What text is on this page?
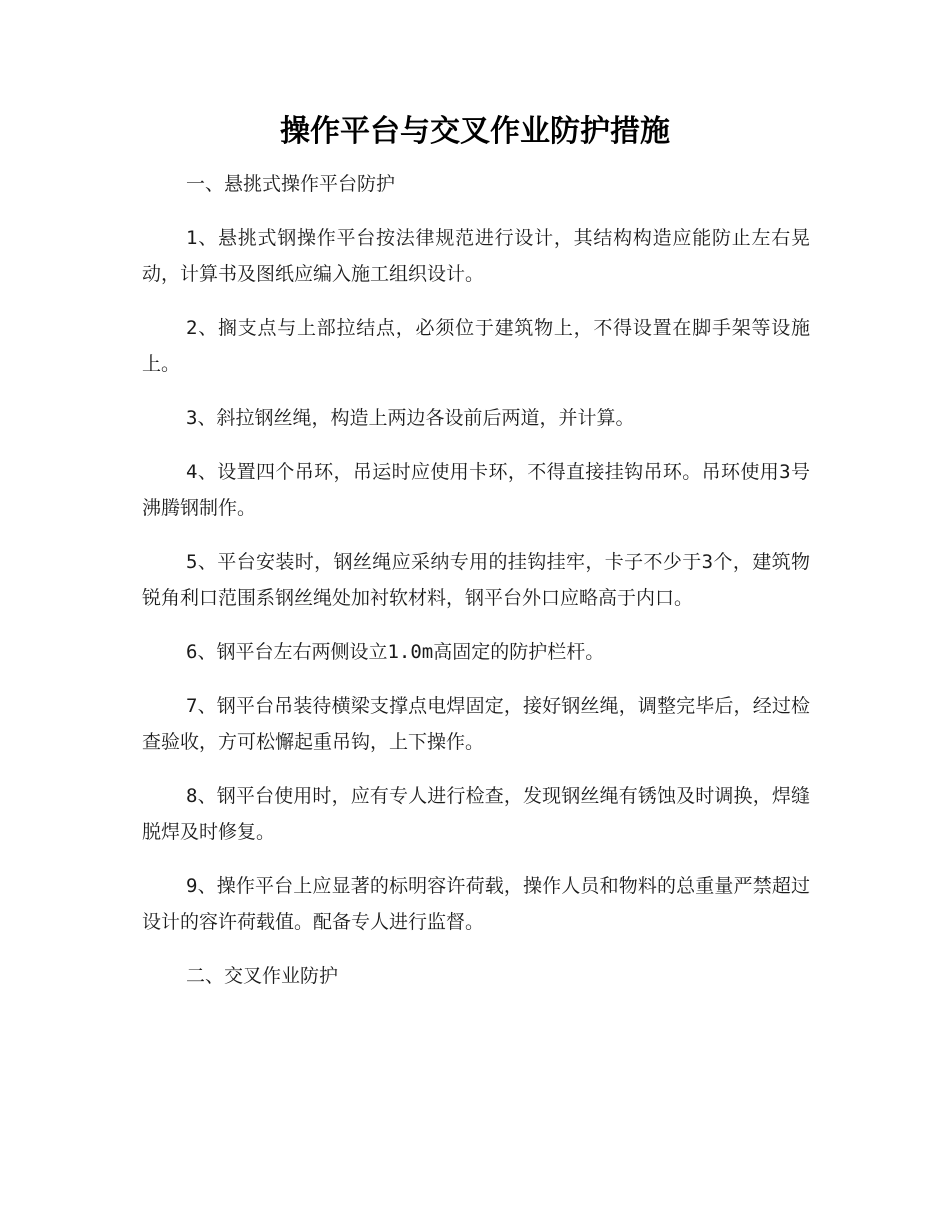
操作平台与交叉作业防护措施

一、悬挑式操作平台防护

1、悬挑式钢操作平台按法律规范进行设计，其结构构造应能防止左右晃动，计算书及图纸应编入施工组织设计。

2、搁支点与上部拉结点，必须位于建筑物上，不得设置在脚手架等设施上。

3、斜拉钢丝绳，构造上两边各设前后两道，并计算。

4、设置四个吊环，吊运时应使用卡环，不得直接挂钩吊环。吊环使用3号沸腾钢制作。

5、平台安装时，钢丝绳应采纳专用的挂钩挂牢，卡子不少于3个，建筑物锐角利口范围系钢丝绳处加衬软材料，钢平台外口应略高于内口。

6、钢平台左右两侧设立1.0m高固定的防护栏杆。

7、钢平台吊装待横梁支撑点电焊固定，接好钢丝绳，调整完毕后，经过检查验收，方可松懈起重吊钩，上下操作。

8、钢平台使用时，应有专人进行检查，发现钢丝绳有锈蚀及时调换，焊缝脱焊及时修复。

9、操作平台上应显著的标明容许荷载，操作人员和物料的总重量严禁超过设计的容许荷载值。配备专人进行监督。

二、交叉作业防护
